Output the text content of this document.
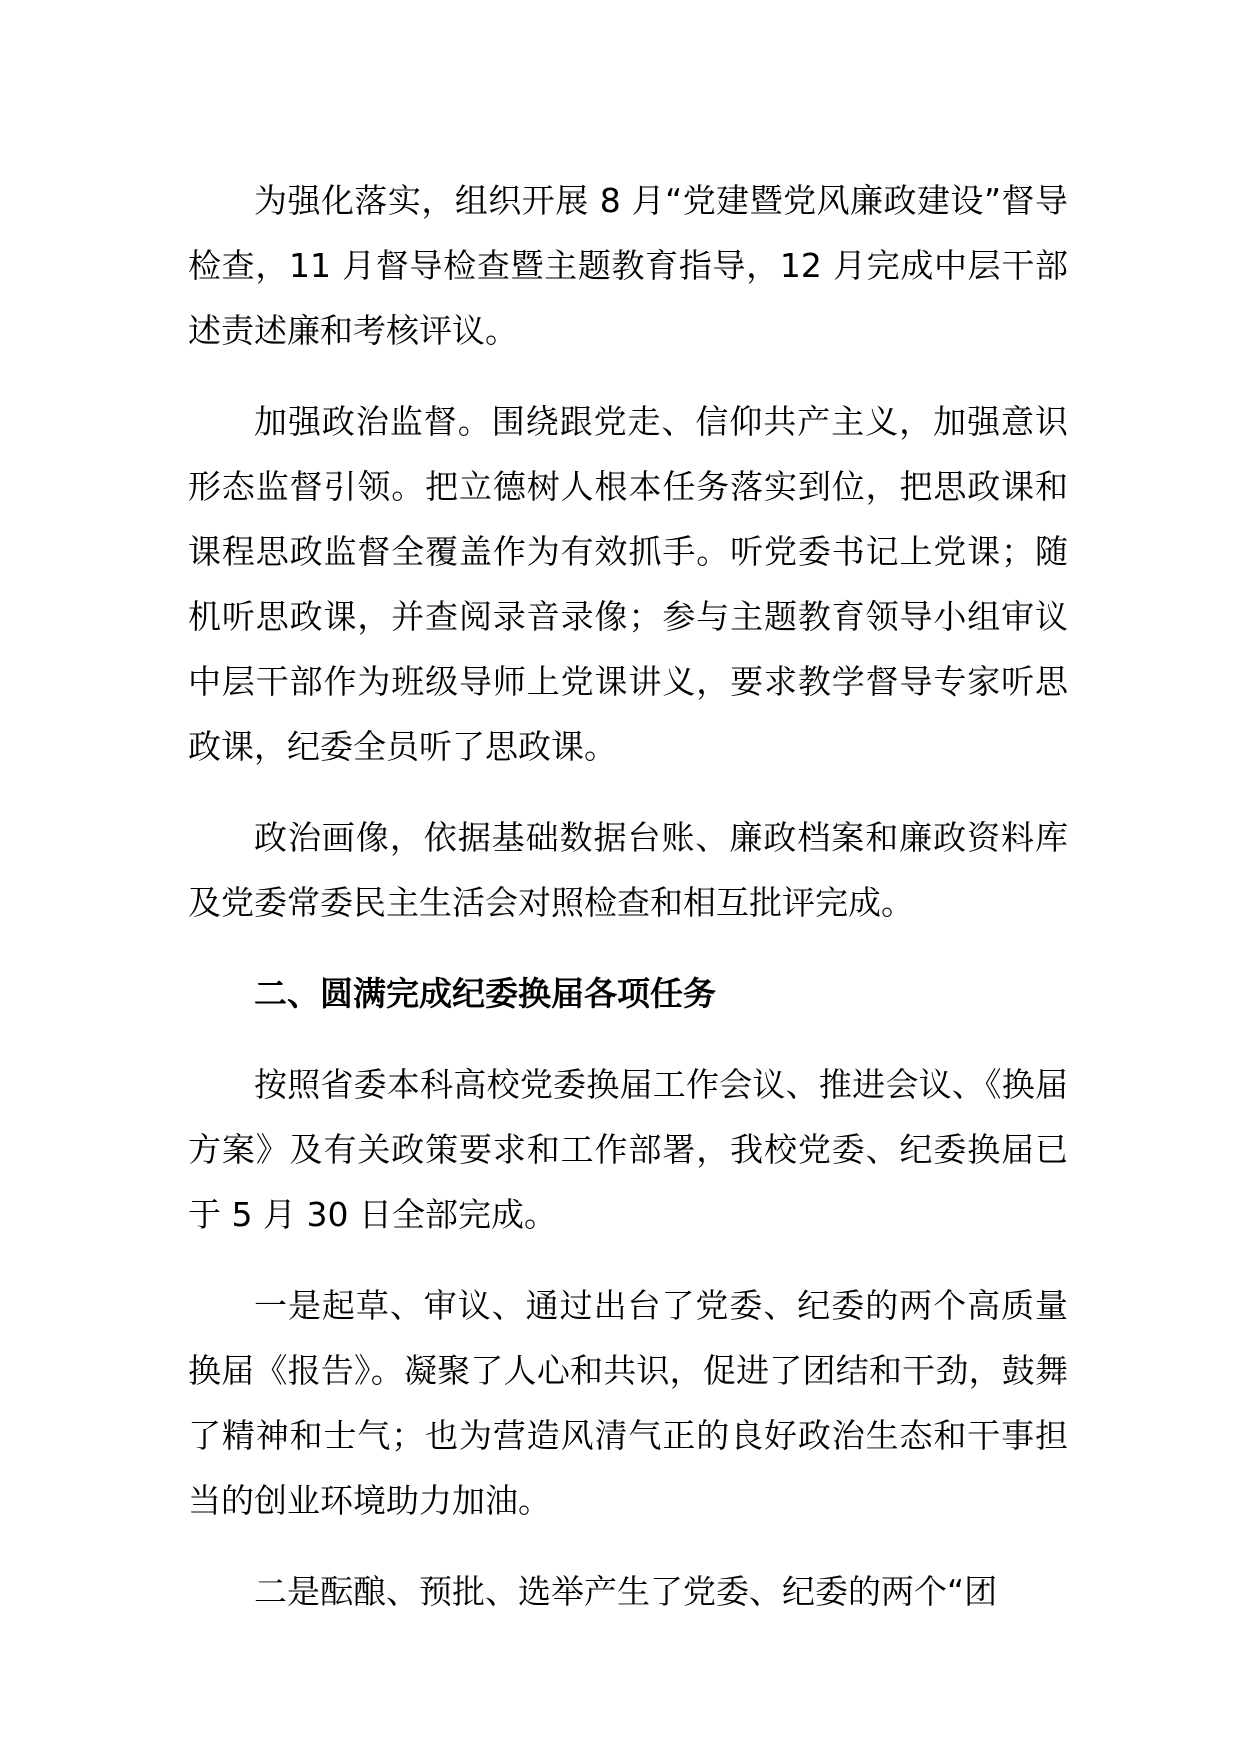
为强化落实，组织开展 8 月“党建暨党风廉政建设”督导检查，11 月督导检查暨主题教育指导，12 月完成中层干部述责述廉和考核评议。

加强政治监督。围绕跟党走、信仰共产主义，加强意识形态监督引领。把立德树人根本任务落实到位，把思政课和课程思政监督全覆盖作为有效抓手。听党委书记上党课；随机听思政课，并查阅录音录像；参与主题教育领导小组审议中层干部作为班级导师上党课讲义，要求教学督导专家听思政课，纪委全员听了思政课。

政治画像，依据基础数据台账、廉政档案和廉政资料库及党委常委民主生活会对照检查和相互批评完成。

二、圆满完成纪委换届各项任务

按照省委本科高校党委换届工作会议、推进会议、《换届方案》及有关政策要求和工作部署，我校党委、纪委换届已于 5 月 30 日全部完成。

一是起草、审议、通过出台了党委、纪委的两个高质量换届《报告》。凝聚了人心和共识，促进了团结和干劲，鼓舞了精神和士气；也为营造风清气正的良好政治生态和干事担当的创业环境助力加油。

二是酝酿、预批、选举产生了党委、纪委的两个“团
